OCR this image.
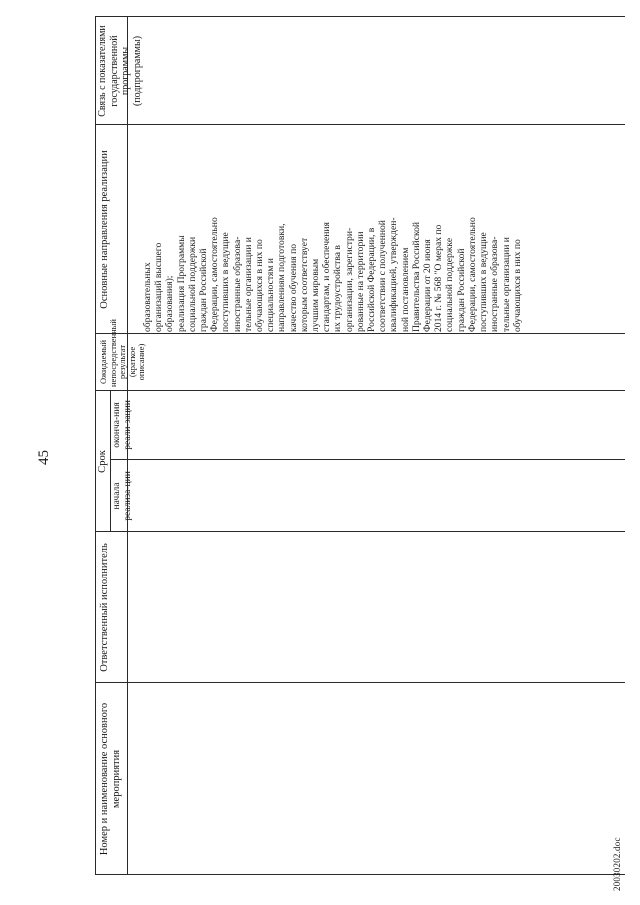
45
Номер и наименование основного мероприятия
Ответственный исполнитель
Срок
начала реализа-ции
оконча-ния реали-зации
Ожидаемый непосредственный результат (краткое описание)
Основные направления реализации
Связь с показателями государственной программы (подпрограммы)
образовательных
организаций высшего
образования);
реализация Программы
социальной поддержки
граждан Российской
Федерации, самостоятельно
поступивших в ведущие
иностранные образова-
тельные организации и
обучающихся в них по
специальностям и
направлениям подготовки,
качество обучения по
которым соответствует
лучшим мировым
стандартам, и обеспечения
их трудоустройства в
организации, зарегистри-
рованные на территории
Российской Федерации, в
соответствии с полученной
квалификацией, утвержден-
ной постановлением
Правительства Российской
Федерации от 20 июня
2014 г. № 568 "О мерах по
социальной поддержке
граждан Российской
Федерации, самостоятельно
поступивших в ведущие
иностранные образова-
тельные организации и
обучающихся в них по
20030202.doc
